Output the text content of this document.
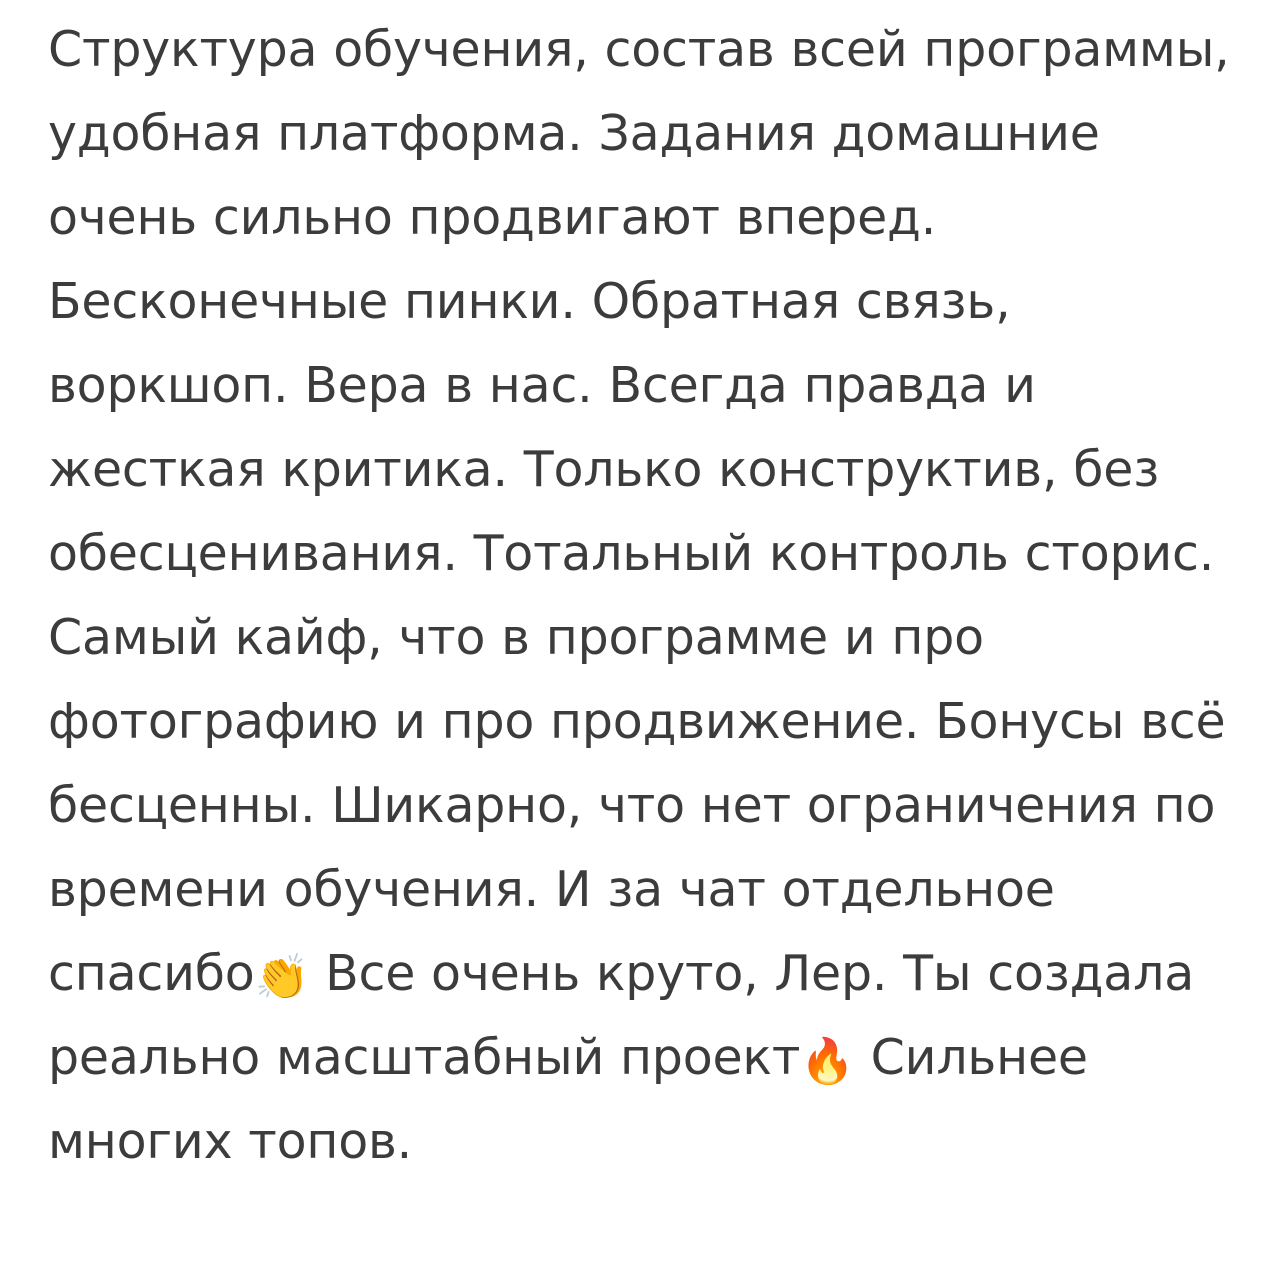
Структура обучения, состав всей программы, удобная платформа. Задания домашние очень сильно продвигают вперед. Бесконечные пинки. Обратная связь, воркшоп. Вера в нас. Всегда правда и жесткая критика. Только конструктив, без обесценивания. Тотальный контроль сторис. Самый кайф, что в программе и про фотографию и про продвижение. Бонусы всё бесценны. Шикарно, что нет ограничения по времени обучения. И за чат отдельное спасибо👏 Все очень круто, Лер. Ты создала реально масштабный проект🔥 Сильнее многих топов.
